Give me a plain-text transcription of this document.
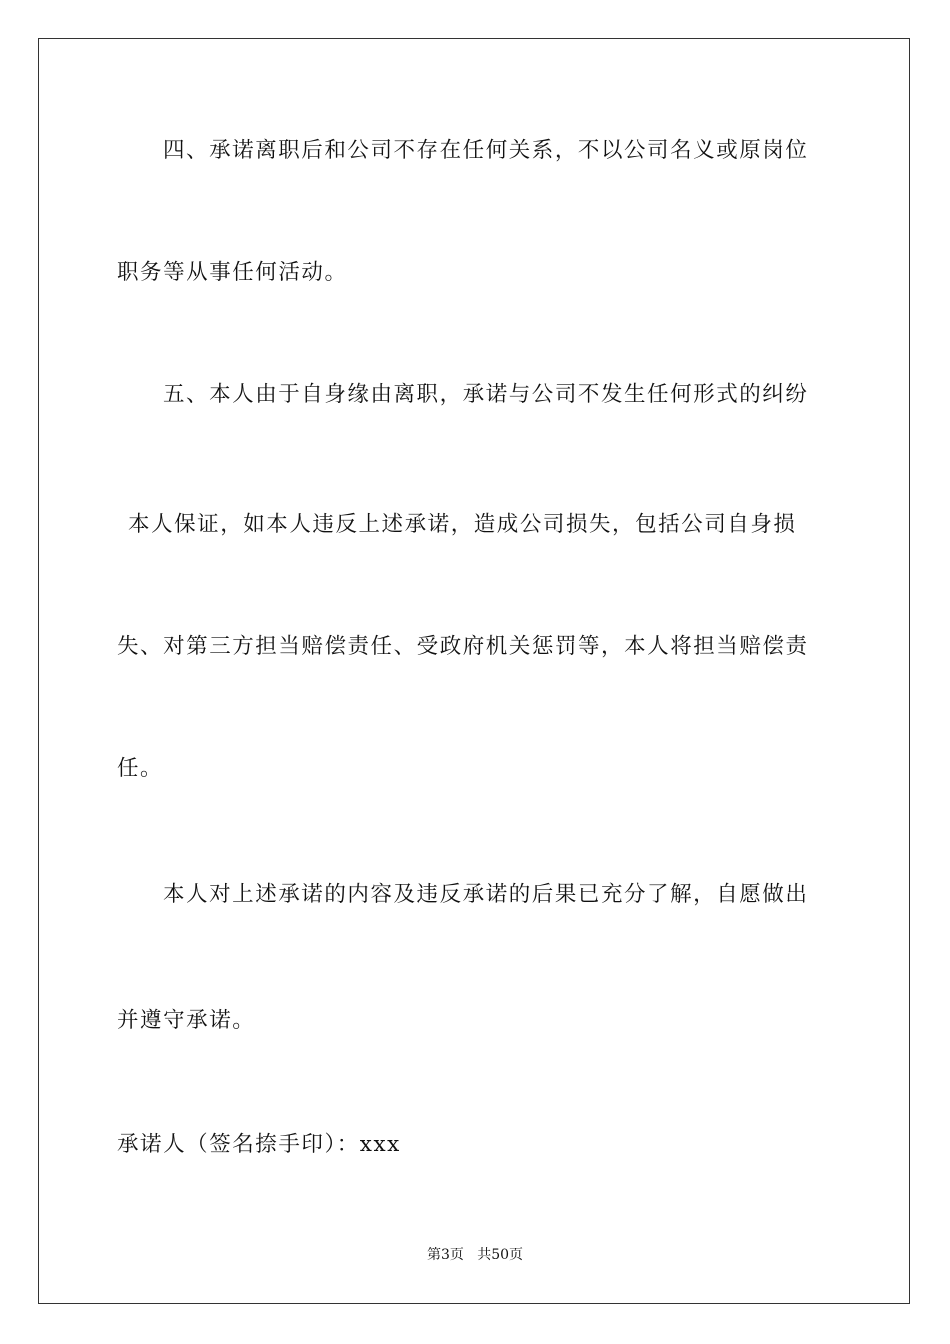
四、承诺离职后和公司不存在任何关系，不以公司名义或原岗位
职务等从事任何活动。
五、本人由于自身缘由离职，承诺与公司不发生任何形式的纠纷
本人保证，如本人违反上述承诺，造成公司损失，包括公司自身损
失、对第三方担当赔偿责任、受政府机关惩罚等，本人将担当赔偿责
任。
本人对上述承诺的内容及违反承诺的后果已充分了解，自愿做出
并遵守承诺。
承诺人（签名捺手印）：xxx
第3页   共50页
